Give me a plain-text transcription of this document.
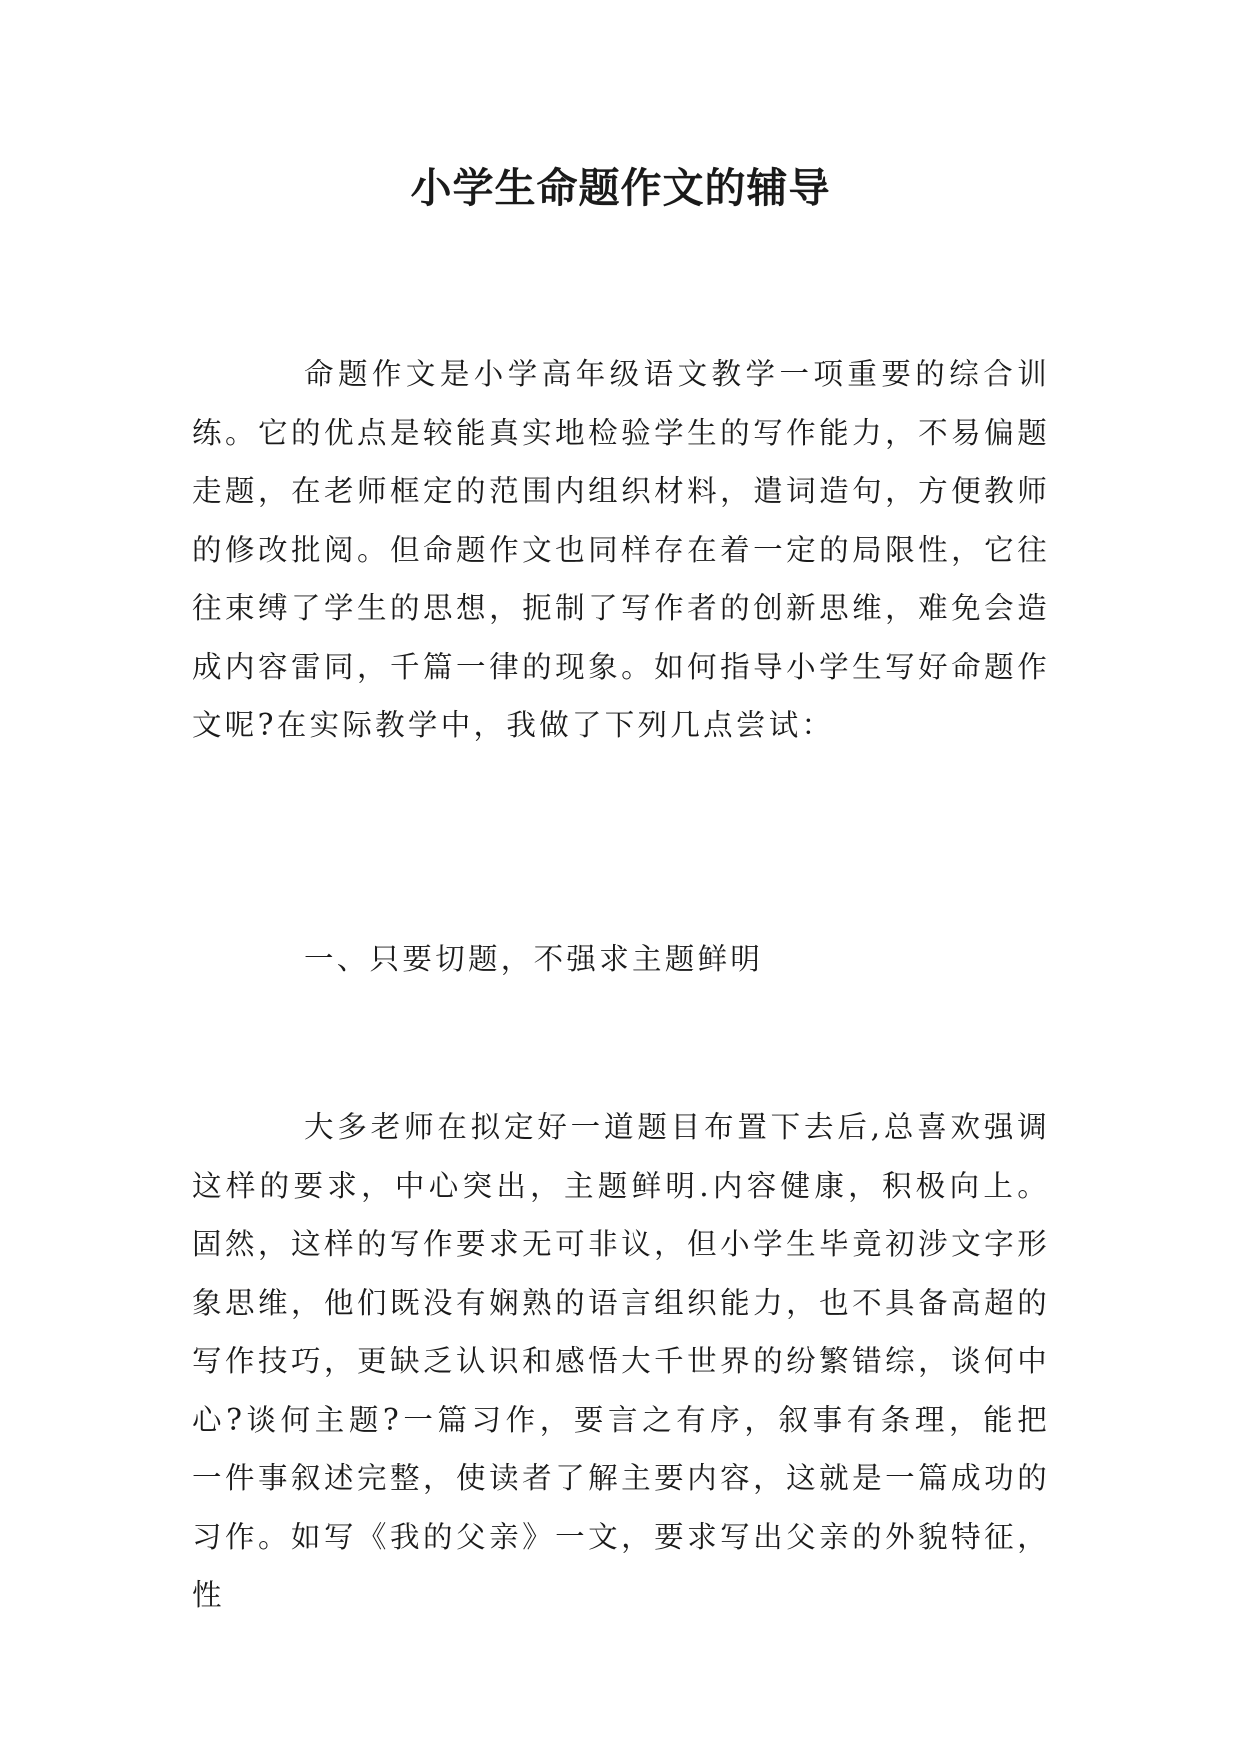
小学生命题作文的辅导

命题作文是小学高年级语文教学一项重要的综合训练。它的优点是较能真实地检验学生的写作能力，不易偏题走题，在老师框定的范围内组织材料，遣词造句，方便教师的修改批阅。但命题作文也同样存在着一定的局限性，它往往束缚了学生的思想，扼制了写作者的创新思维，难免会造成内容雷同，千篇一律的现象。如何指导小学生写好命题作文呢?在实际教学中，我做了下列几点尝试：

一、只要切题，不强求主题鲜明

大多老师在拟定好一道题目布置下去后,总喜欢强调这样的要求，中心突出，主题鲜明.内容健康，积极向上。固然，这样的写作要求无可非议，但小学生毕竟初涉文字形象思维，他们既没有娴熟的语言组织能力，也不具备高超的写作技巧，更缺乏认识和感悟大千世界的纷繁错综，谈何中心?谈何主题?一篇习作，要言之有序，叙事有条理，能把一件事叙述完整，使读者了解主要内容，这就是一篇成功的习作。如写《我的父亲》一文，要求写出父亲的外貌特征，性
